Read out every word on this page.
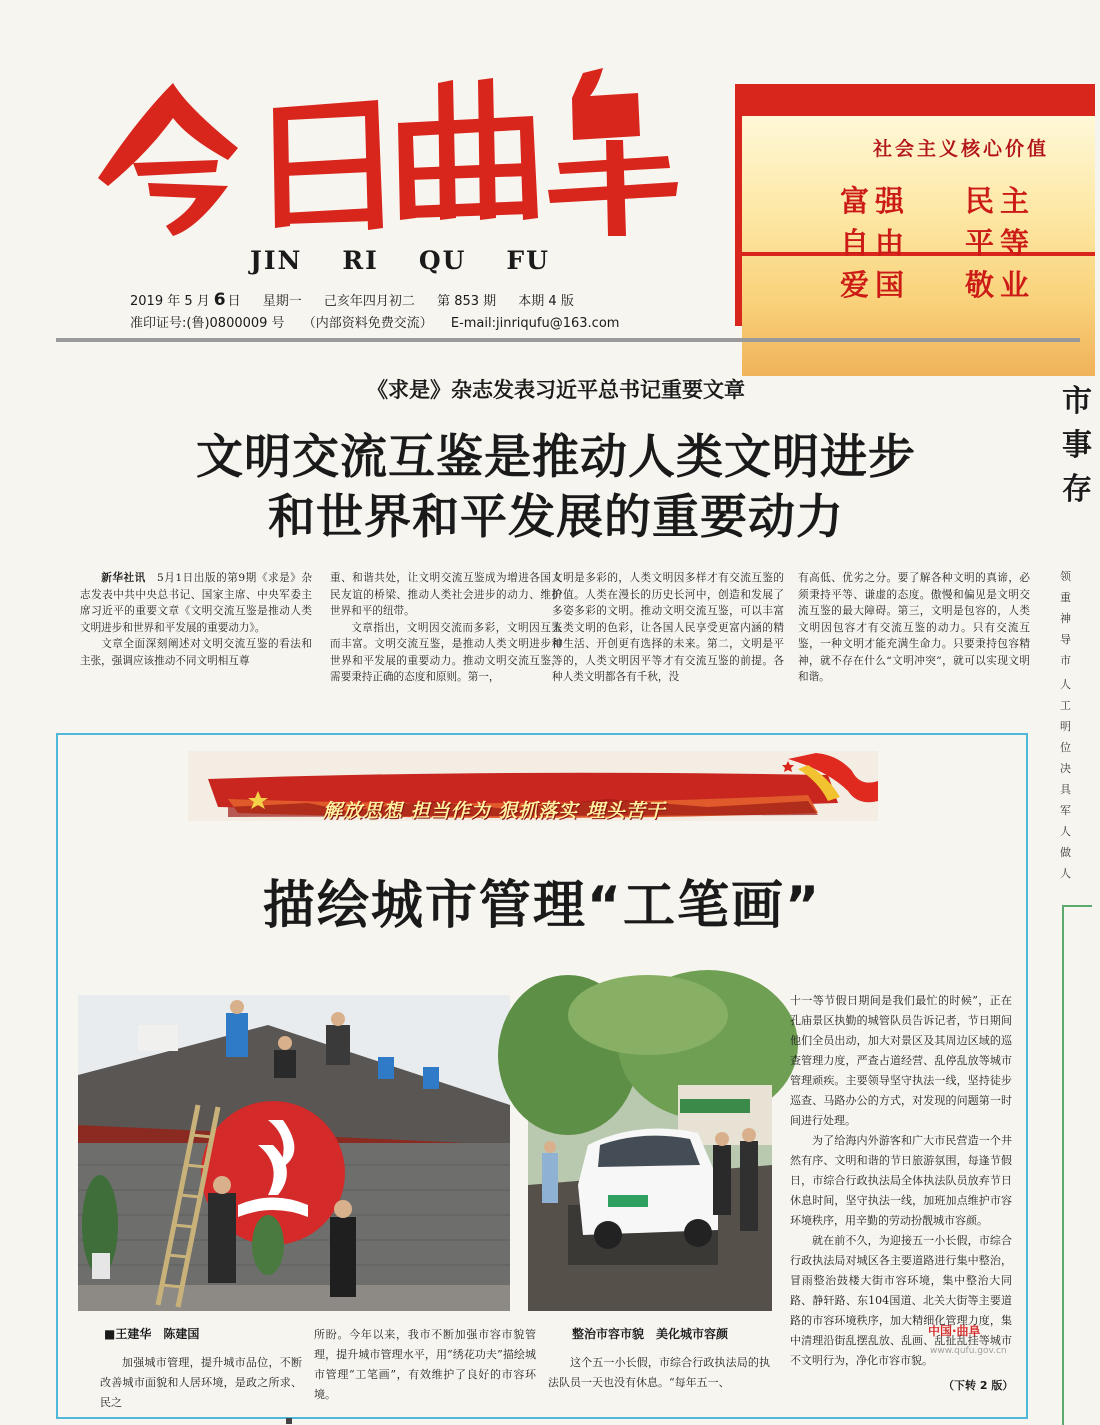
JIN RI QU FU
2019 年 5 月 6 日 星期一 己亥年四月初二 第 853 期 本期 4 版
准印证号:(鲁)0800009 号 （内部资料免费交流） E-mail:jinriqufu@163.com
社会主义核心价值
富强	民主
自由	平等
爱国	敬业
《求是》杂志发表习近平总书记重要文章
文明交流互鉴是推动人类文明进步
和世界和平发展的重要动力

新华社讯　 5月1日出版的第9期《求是》杂志发表中共中央总书记、国家主席、中央军委主席习近平的重要文章《文明交流互鉴是推动人类文明进步和世界和平发展的重要动力》。

文章全面深刻阐述对文明交流互鉴的看法和主张，强调应该推动不同文明相互尊

重、和谐共处，让文明交流互鉴成为增进各国人民友谊的桥梁、推动人类社会进步的动力、维护世界和平的纽带。

文章指出，文明因交流而多彩，文明因互鉴而丰富。文明交流互鉴，是推动人类文明进步和世界和平发展的重要动力。推动文明交流互鉴，需要秉持正确的态度和原则。第一，

文明是多彩的，人类文明因多样才有交流互鉴的价值。人类在漫长的历史长河中，创造和发展了多姿多彩的文明。推动文明交流互鉴，可以丰富人类文明的色彩，让各国人民享受更富内涵的精神生活、开创更有选择的未来。第二，文明是平等的，人类文明因平等才有交流互鉴的前提。各种人类文明都各有千秋，没

有高低、优劣之分。要了解各种文明的真谛，必须秉持平等、谦虚的态度。傲慢和偏见是文明交流互鉴的最大障碍。第三，文明是包容的，人类文明因包容才有交流互鉴的动力。只有交流互鉴，一种文明才能充满生命力。只要秉持包容精神，就不存在什么“文明冲突”，就可以实现文明和谐。

市
事
存
领
重
神
导
市
人
工
明
位
决
具
军
人
做
人
解放思想 担当作为 狠抓落实 埋头苦干
描绘城市管理“工笔画”
■王建华　陈建国	整治市容市貌　美化城市容颜

加强城市管理，提升城市品位，不断改善城市面貌和人居环境，是政之所求、民之

所盼。今年以来，我市不断加强市容市貌管理，提升城市管理水平，用“绣花功夫”描绘城市管理“工笔画”，有效维护了良好的市容环境。

这个五一小长假，市综合行政执法局的执法队员一天也没有休息。“每年五一、

十一等节假日期间是我们最忙的时候”，正在孔庙景区执勤的城管队员告诉记者，节日期间他们全员出动，加大对景区及其周边区域的巡查管理力度，严查占道经营、乱停乱放等城市管理顽疾。主要领导坚守执法一线，坚持徒步巡查、马路办公的方式，对发现的问题第一时间进行处理。

为了给海内外游客和广大市民营造一个井然有序、文明和谐的节日旅游氛围，每逢节假日，市综合行政执法局全体执法队员放弃节日休息时间，坚守执法一线，加班加点维护市容环境秩序，用辛勤的劳动扮靓城市容颜。

就在前不久，为迎接五一小长假，市综合行政执法局对城区各主要道路进行集中整治，冒雨整治鼓楼大街市容环境，集中整治大同路、静轩路、东104国道、北关大街等主要道路的市容环境秩序，加大精细化管理力度，集中清理沿街乱摆乱放、乱画、乱扯乱挂等城市不文明行为，净化市容市貌。

中国·曲阜
www.qufu.gov.cn
（下转 2 版）
